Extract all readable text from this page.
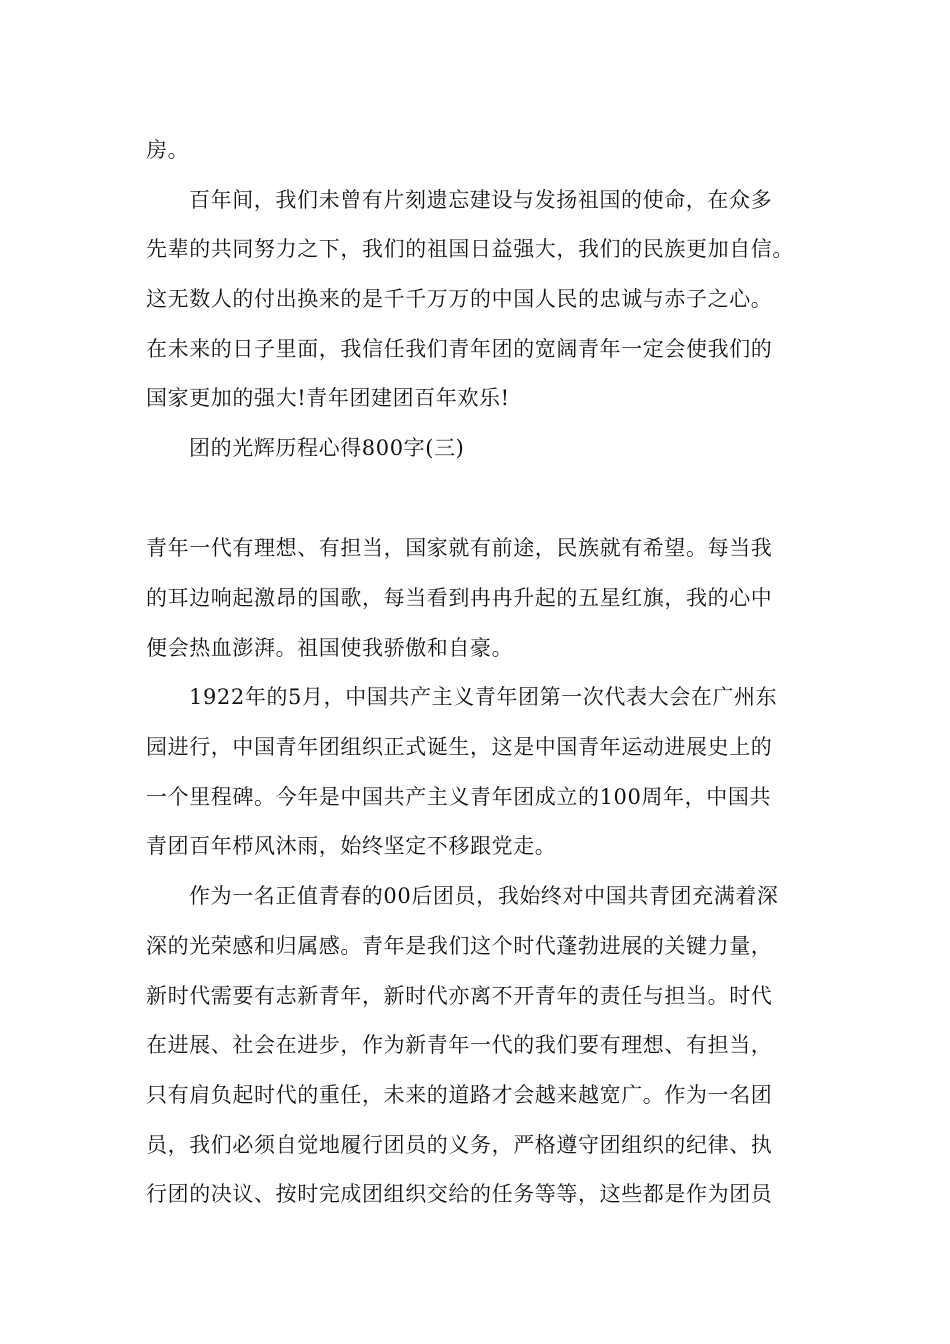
房。
百年间，我们未曾有片刻遗忘建设与发扬祖国的使命，在众多
先辈的共同努力之下，我们的祖国日益强大，我们的民族更加自信。
这无数人的付出换来的是千千万万的中国人民的忠诚与赤子之心。
在未来的日子里面，我信任我们青年团的宽阔青年一定会使我们的
国家更加的强大!青年团建团百年欢乐!
团的光辉历程心得800字(三)
青年一代有理想、有担当，国家就有前途，民族就有希望。每当我
的耳边响起激昂的国歌，每当看到冉冉升起的五星红旗，我的心中
便会热血澎湃。祖国使我骄傲和自豪。
1922年的5月，中国共产主义青年团第一次代表大会在广州东
园进行，中国青年团组织正式诞生，这是中国青年运动进展史上的
一个里程碑。今年是中国共产主义青年团成立的100周年，中国共
青团百年栉风沐雨，始终坚定不移跟党走。
作为一名正值青春的00后团员，我始终对中国共青团充满着深
深的光荣感和归属感。青年是我们这个时代蓬勃进展的关键力量，
新时代需要有志新青年，新时代亦离不开青年的责任与担当。时代
在进展、社会在进步，作为新青年一代的我们要有理想、有担当，
只有肩负起时代的重任，未来的道路才会越来越宽广。作为一名团
员，我们必须自觉地履行团员的义务，严格遵守团组织的纪律、执
行团的决议、按时完成团组织交给的任务等等，这些都是作为团员
